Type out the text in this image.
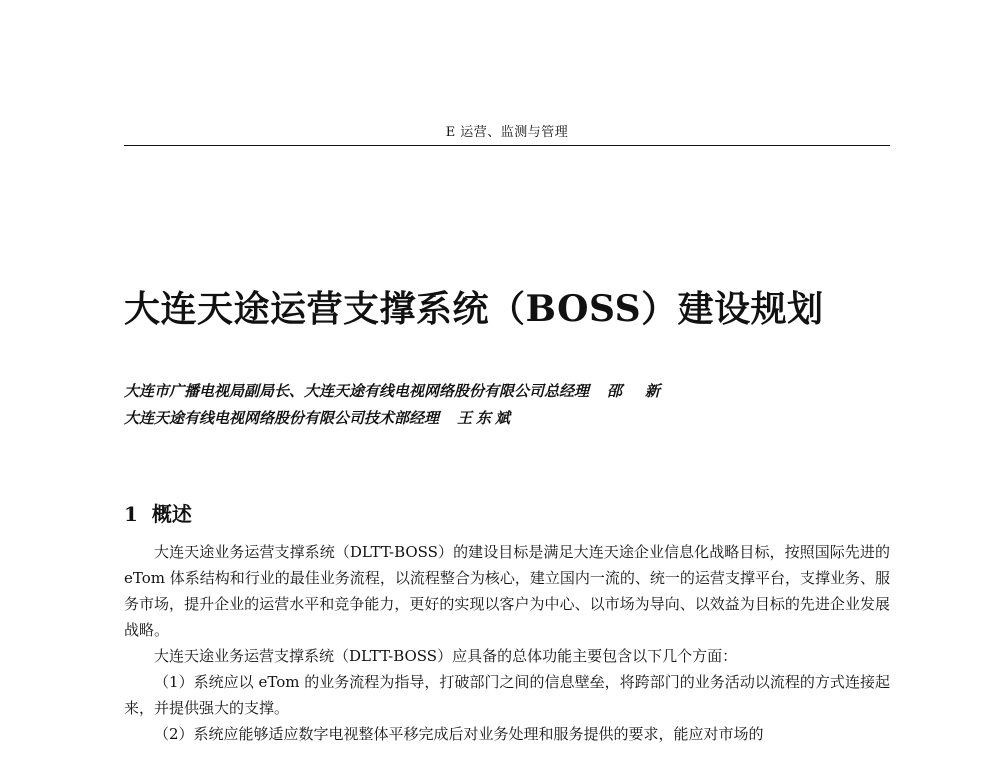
E 运营、监测与管理
大连天途运营支撑系统（BOSS）建设规划
大连市广播电视局副局长、大连天途有线电视网络股份有限公司总经理 邵　新
大连天途有线电视网络股份有限公司技术部经理 王东斌
1 概述

大连天途业务运营支撑系统（DLTT-BOSS）的建设目标是满足大连天途企业信息化战略目标，按照国际先进的 eTom 体系结构和行业的最佳业务流程，以流程整合为核心，建立国内一流的、统一的运营支撑平台，支撑业务、服务市场，提升企业的运营水平和竞争能力，更好的实现以客户为中心、以市场为导向、以效益为目标的先进企业发展战略。

大连天途业务运营支撑系统（DLTT-BOSS）应具备的总体功能主要包含以下几个方面：

（1）系统应以 eTom 的业务流程为指导，打破部门之间的信息壁垒，将跨部门的业务活动以流程的方式连接起来，并提供强大的支撑。

（2）系统应能够适应数字电视整体平移完成后对业务处理和服务提供的要求，能应对市场的
